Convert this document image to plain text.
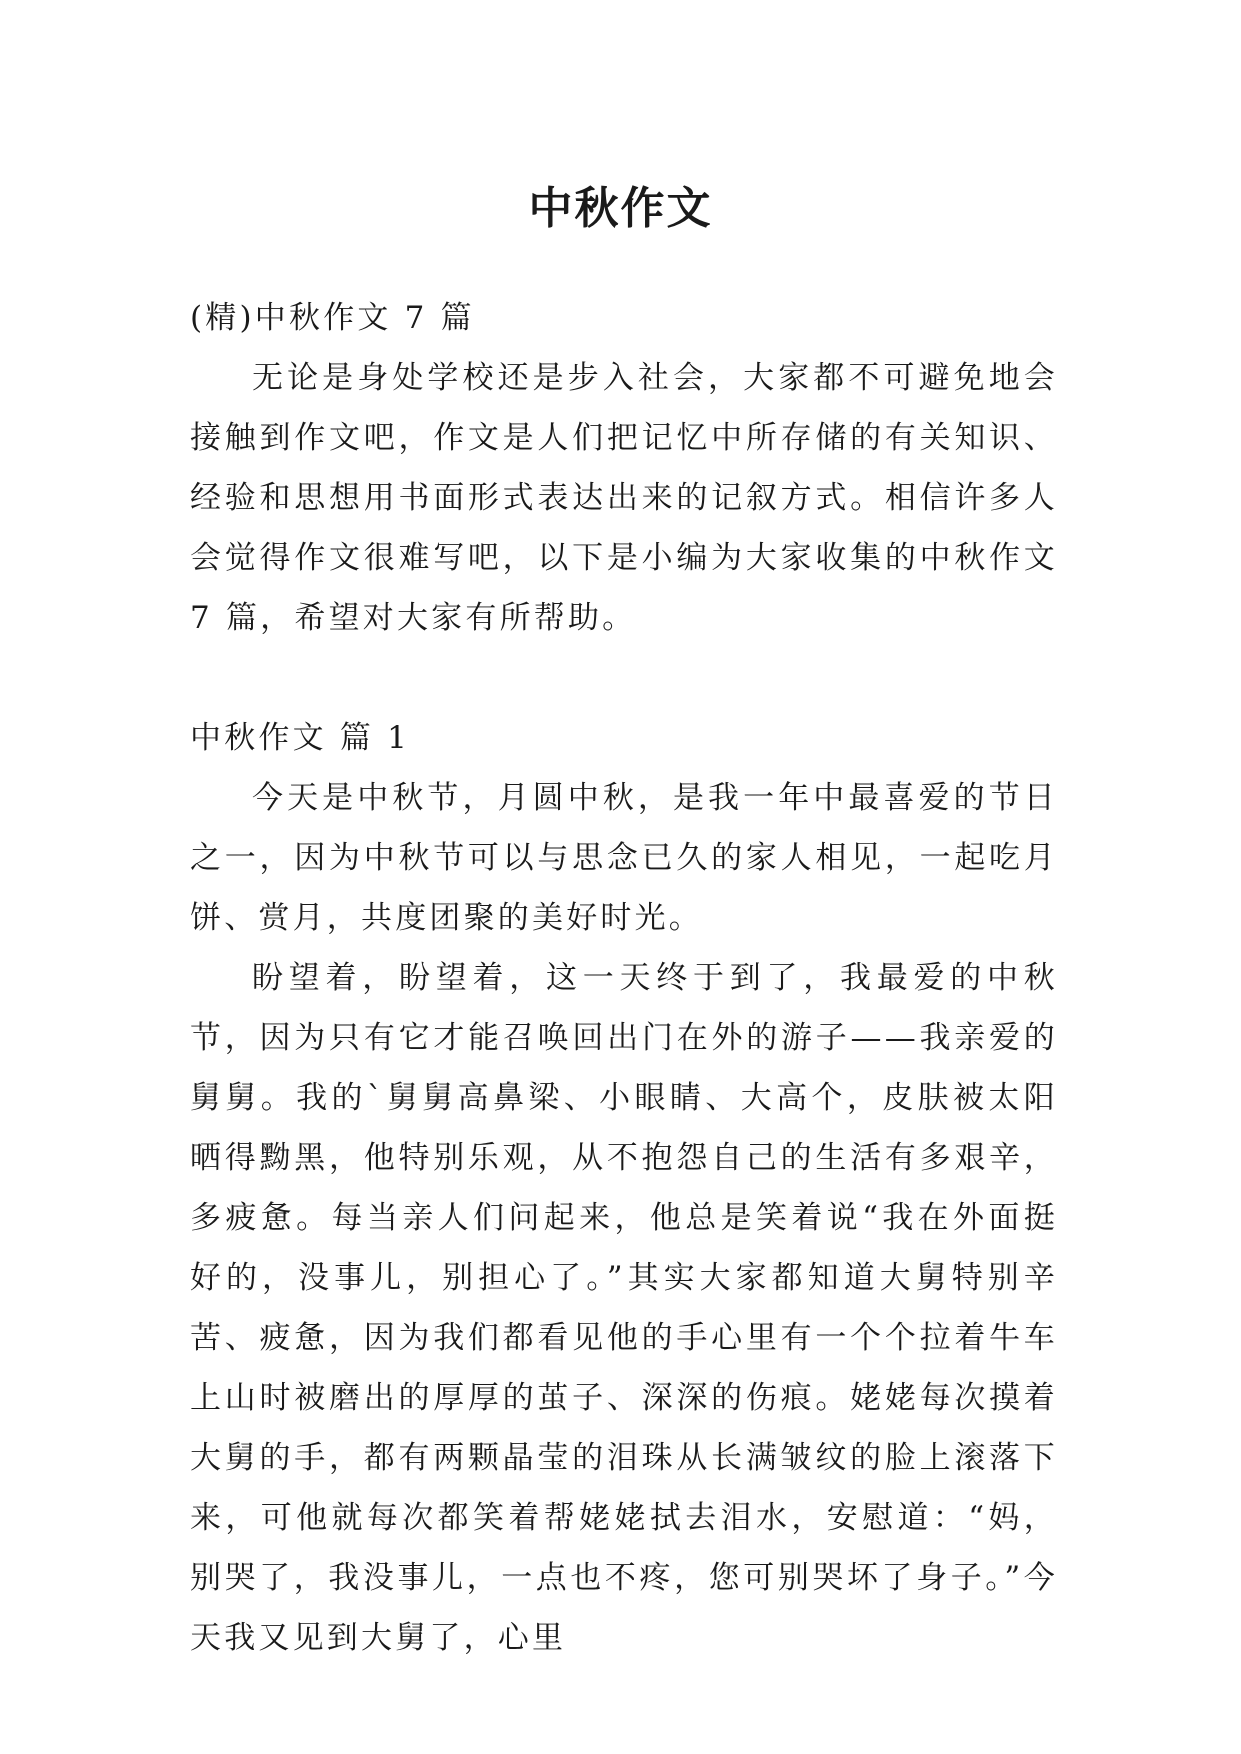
中秋作文

(精)中秋作文 7 篇

无论是身处学校还是步入社会，大家都不可避免地会接触到作文吧，作文是人们把记忆中所存储的有关知识、经验和思想用书面形式表达出来的记叙方式。相信许多人会觉得作文很难写吧，以下是小编为大家收集的中秋作文 7 篇，希望对大家有所帮助。

中秋作文 篇 1

今天是中秋节，月圆中秋，是我一年中最喜爱的节日之一，因为中秋节可以与思念已久的家人相见，一起吃月饼、赏月，共度团聚的美好时光。

盼望着，盼望着，这一天终于到了，我最爱的中秋节，因为只有它才能召唤回出门在外的游子——我亲爱的舅舅。我的`舅舅高鼻梁、小眼睛、大高个，皮肤被太阳晒得黝黑，他特别乐观，从不抱怨自己的生活有多艰辛，多疲惫。每当亲人们问起来，他总是笑着说“我在外面挺好的，没事儿，别担心了。”其实大家都知道大舅特别辛苦、疲惫，因为我们都看见他的手心里有一个个拉着牛车上山时被磨出的厚厚的茧子、深深的伤痕。姥姥每次摸着大舅的手，都有两颗晶莹的泪珠从长满皱纹的脸上滚落下来，可他就每次都笑着帮姥姥拭去泪水，安慰道：“妈，别哭了，我没事儿，一点也不疼，您可别哭坏了身子。”今天我又见到大舅了，心里
